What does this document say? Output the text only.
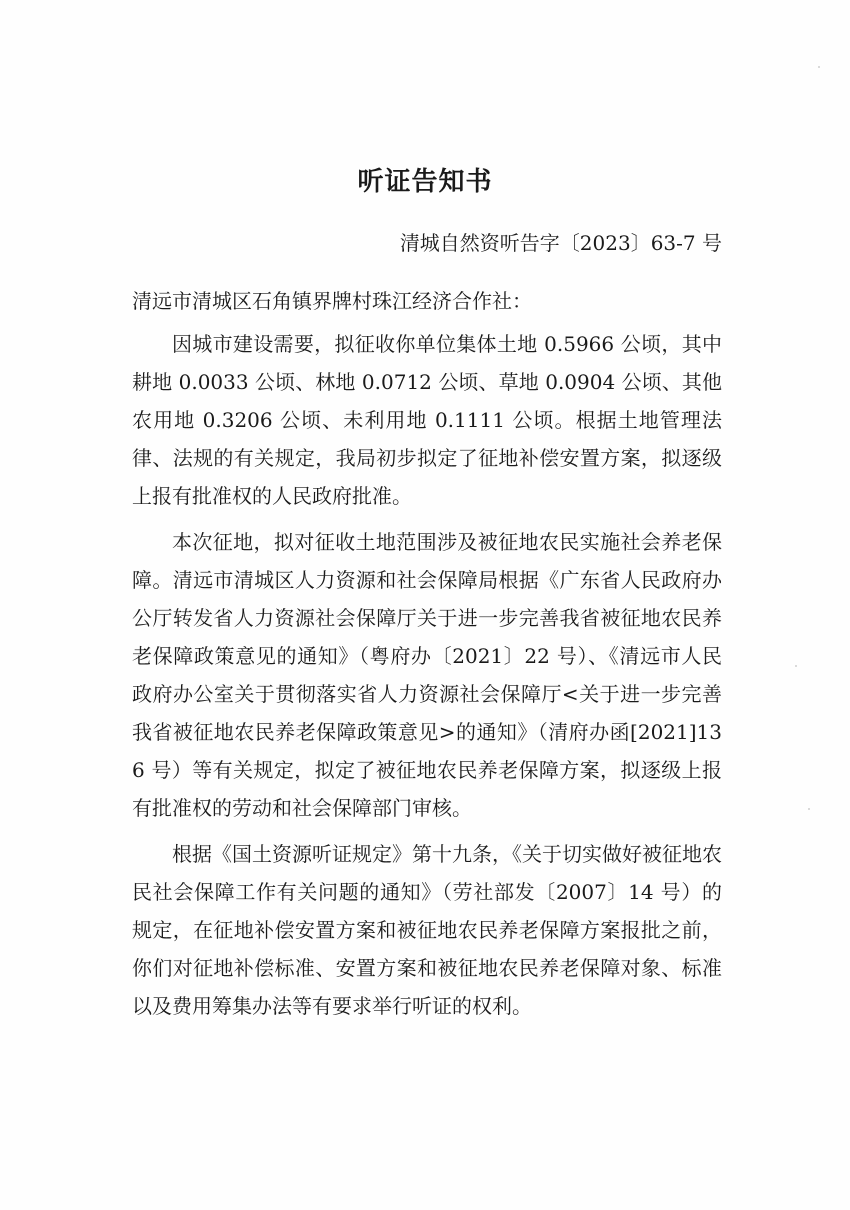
听证告知书
清城自然资听告字〔2023〕63-7 号
清远市清城区石角镇界牌村珠江经济合作社：

因城市建设需要，拟征收你单位集体土地 0.5966 公顷，其中耕地 0.0033 公顷、林地 0.0712 公顷、草地 0.0904 公顷、其他农用地 0.3206 公顷、未利用地 0.1111 公顷。根据土地管理法律、法规的有关规定，我局初步拟定了征地补偿安置方案，拟逐级上报有批准权的人民政府批准。

本次征地，拟对征收土地范围涉及被征地农民实施社会养老保障。清远市清城区人力资源和社会保障局根据《广东省人民政府办公厅转发省人力资源社会保障厅关于进一步完善我省被征地农民养老保障政策意见的通知》（粤府办〔2021〕22 号）、《清远市人民政府办公室关于贯彻落实省人力资源社会保障厅<关于进一步完善我省被征地农民养老保障政策意见>的通知》（清府办函[2021]136 号）等有关规定，拟定了被征地农民养老保障方案，拟逐级上报有批准权的劳动和社会保障部门审核。

根据《国土资源听证规定》第十九条，《关于切实做好被征地农民社会保障工作有关问题的通知》（劳社部发〔2007〕14 号）的规定，在征地补偿安置方案和被征地农民养老保障方案报批之前，你们对征地补偿标准、安置方案和被征地农民养老保障对象、标准以及费用筹集办法等有要求举行听证的权利。
